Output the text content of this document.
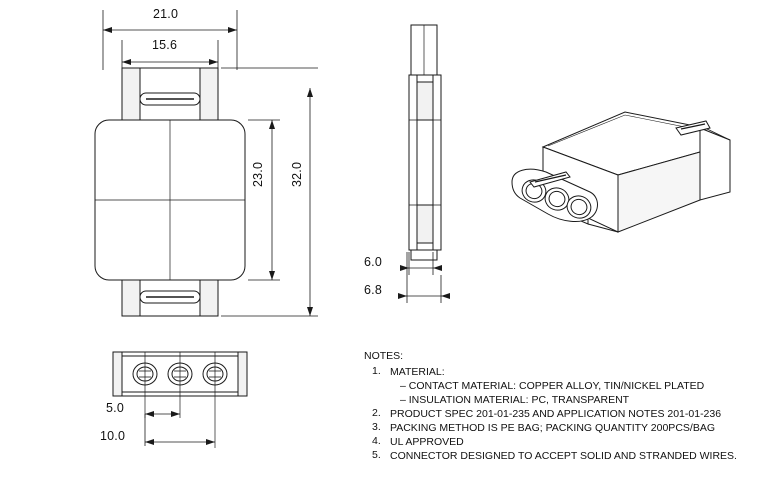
21.0
15.6
23.0 32.0
6.0
6.8
5.0
10.0
NOTES:
1. MATERIAL:
– CONTACT MATERIAL: COPPER ALLOY, TIN/NICKEL PLATED
– INSULATION MATERIAL: PC, TRANSPARENT
2. PRODUCT SPEC 201-01-235 AND APPLICATION NOTES 201-01-236
3. PACKING METHOD IS PE BAG; PACKING QUANTITY 200PCS/BAG
4. UL APPROVED
5. CONNECTOR DESIGNED TO ACCEPT SOLID AND STRANDED WIRES.
